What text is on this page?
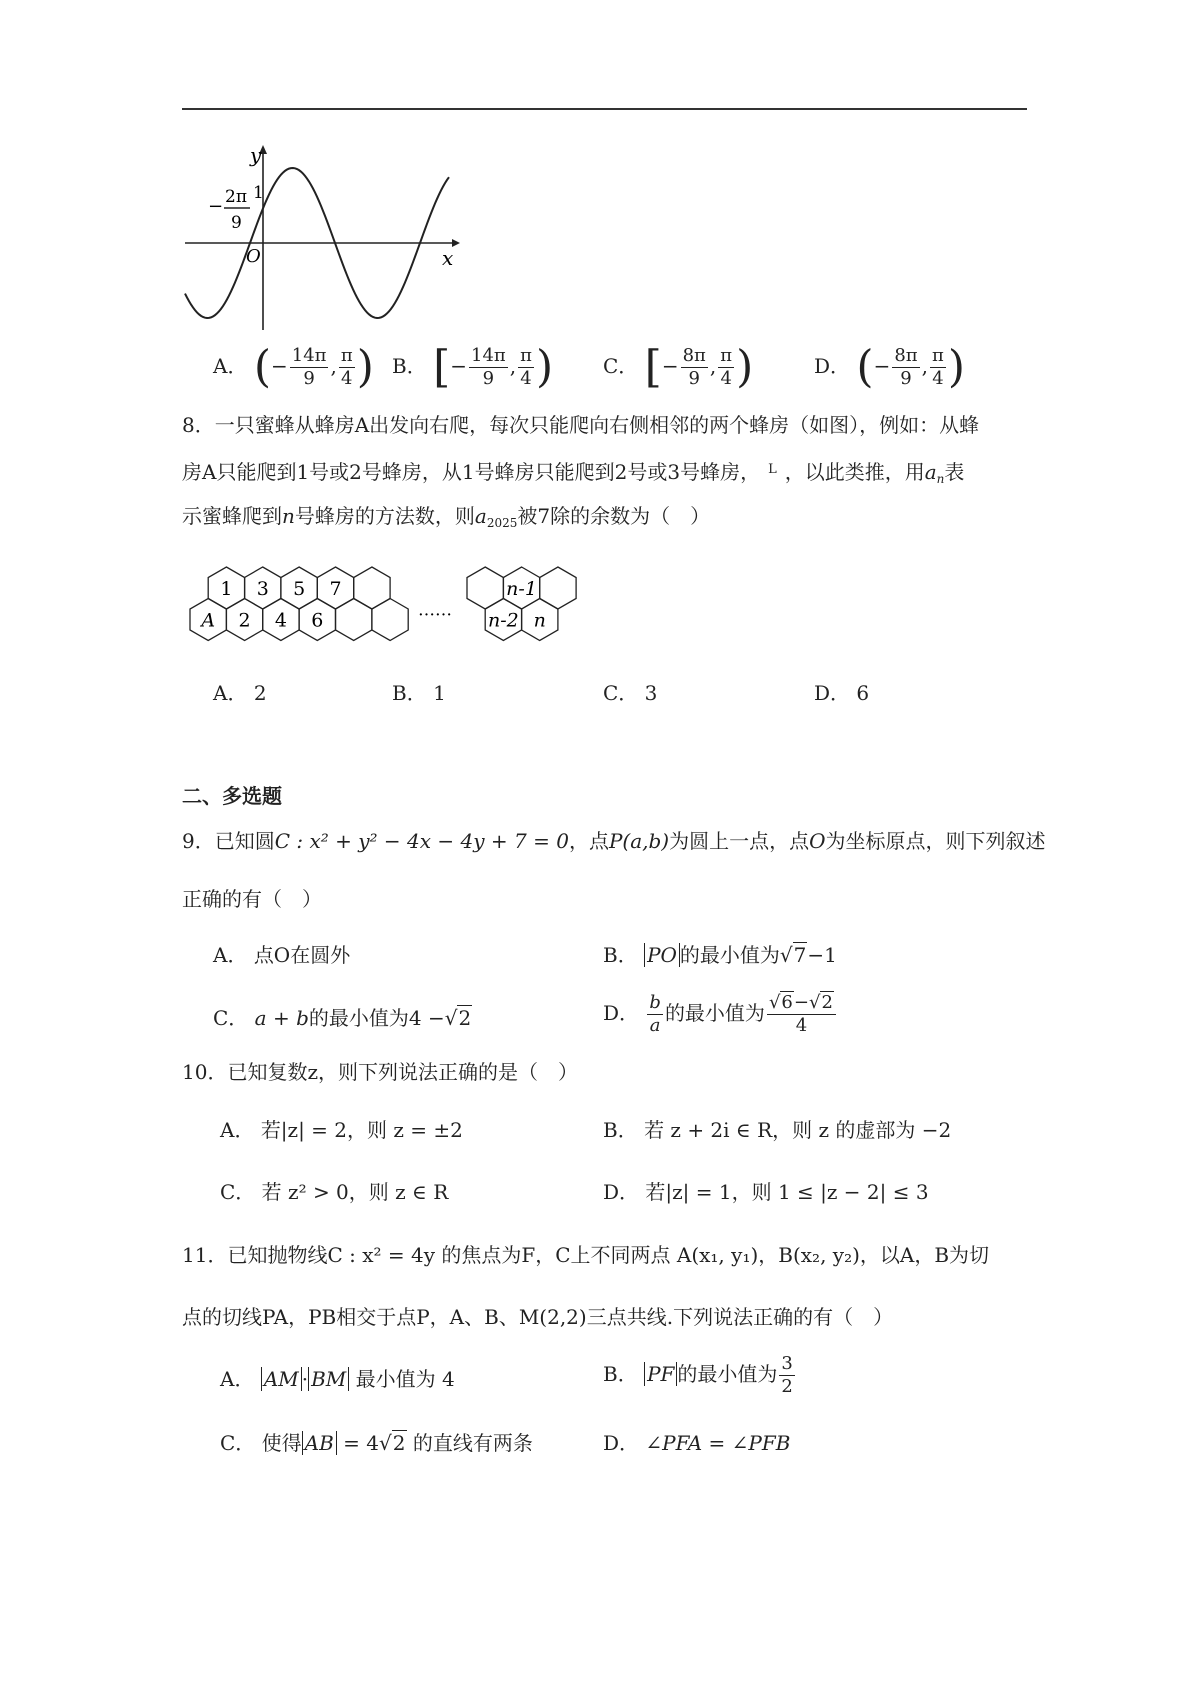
y
x
O
1
− 2π
9
A． (− $\frac{14\pi}{9}$ , $\frac{\pi}{4}$ ) B． [− $\frac{14\pi}{9}$ , $\frac{\pi}{4}$ ) C． [− $\frac{8\pi}{9}$ , $\frac{\pi}{4}$ )	D． (− $\frac{8\pi}{9}$ , $\frac{\pi}{4}$ )
8．一只蜜蜂从蜂房A出发向右爬，每次只能爬向右侧相邻的两个蜂房（如图），例如：从蜂
房A只能爬到1号或2号蜂房，从1号蜂房只能爬到2号或3号蜂房， $^L$ ，以此类推，用$a_n$表
示蜜蜂爬到n号蜂房的方法数，则$a_{2025}$被7除的余数为（　）
A 2 4 6
1 3 5 7
……
n-1
n-2 n
A． 2	B． 1	C． 3	D． 6
二、多选题
9．已知圆C : x² + y² − 4x − 4y + 7 = 0，点P(a,b)为圆上一点，点O为坐标原点，则下列叙述
正确的有（　）
A． 点O在圆外	B． PO 的最小值为√7−1
C． a + b的最小值为4 −√2	D． $\frac{b}{a}$ 的最小值为 $\frac{√6-√2}{4}$
10．已知复数z，则下列说法正确的是（　）
A． 若|z| = 2，则 z = ±2	B． 若 z + 2i ∈ R，则 z 的虚部为 −2
C． 若 z² > 0，则 z ∈ R	D． 若|z| = 1，则 1 ≤ |z − 2| ≤ 3
11．已知抛物线C : x² = 4y 的焦点为F，C上不同两点 A(x₁, y₁)，B(x₂, y₂)，以A，B为切
点的切线PA，PB相交于点P，A、B、M(2,2)三点共线.下列说法正确的有（　）
A． AM · BM 最小值为 4	B． PF 的最小值为 $\frac{3}{2}$
C． 使得 AB = 4√2 的直线有两条	D． ∠PFA = ∠PFB
